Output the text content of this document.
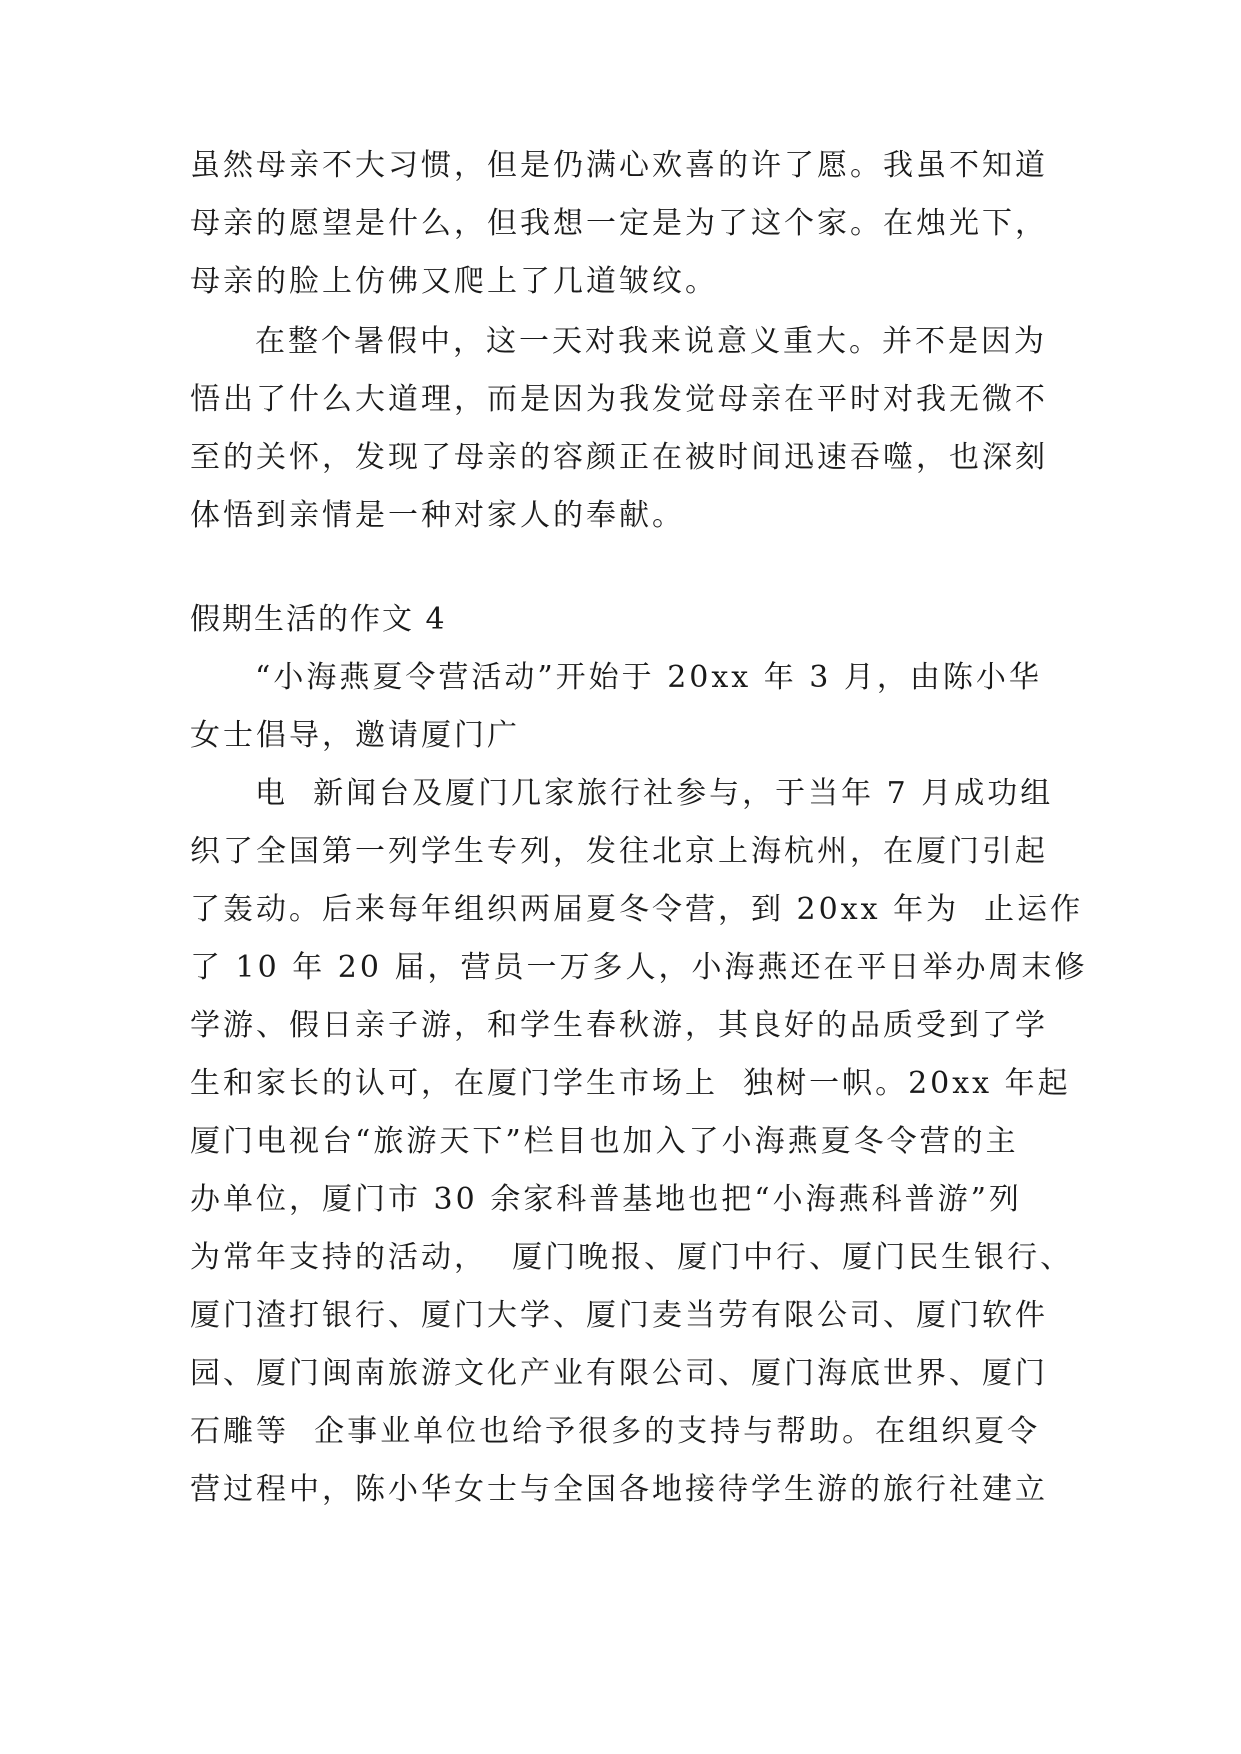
虽然母亲不大习惯，但是仍满心欢喜的许了愿。我虽不知道
母亲的愿望是什么，但我想一定是为了这个家。在烛光下，
母亲的脸上仿佛又爬上了几道皱纹。
在整个暑假中，这一天对我来说意义重大。并不是因为
悟出了什么大道理，而是因为我发觉母亲在平时对我无微不
至的关怀，发现了母亲的容颜正在被时间迅速吞噬，也深刻
体悟到亲情是一种对家人的奉献。
假期生活的作文 4
“小海燕夏令营活动”开始于 20xx 年 3 月，由陈小华
女士倡导，邀请厦门广
电  新闻台及厦门几家旅行社参与，于当年 7 月成功组
织了全国第一列学生专列，发往北京上海杭州，在厦门引起
了轰动。后来每年组织两届夏冬令营，到 20xx 年为  止运作
了 10 年 20 届，营员一万多人，小海燕还在平日举办周末修
学游、假日亲子游，和学生春秋游，其良好的品质受到了学
生和家长的认可，在厦门学生市场上  独树一帜。20xx 年起
厦门电视台“旅游天下”栏目也加入了小海燕夏冬令营的主
办单位，厦门市 30 余家科普基地也把“小海燕科普游”列
为常年支持的活动，  厦门晚报、厦门中行、厦门民生银行、
厦门渣打银行、厦门大学、厦门麦当劳有限公司、厦门软件
园、厦门闽南旅游文化产业有限公司、厦门海底世界、厦门
石雕等  企事业单位也给予很多的支持与帮助。在组织夏令
营过程中，陈小华女士与全国各地接待学生游的旅行社建立
